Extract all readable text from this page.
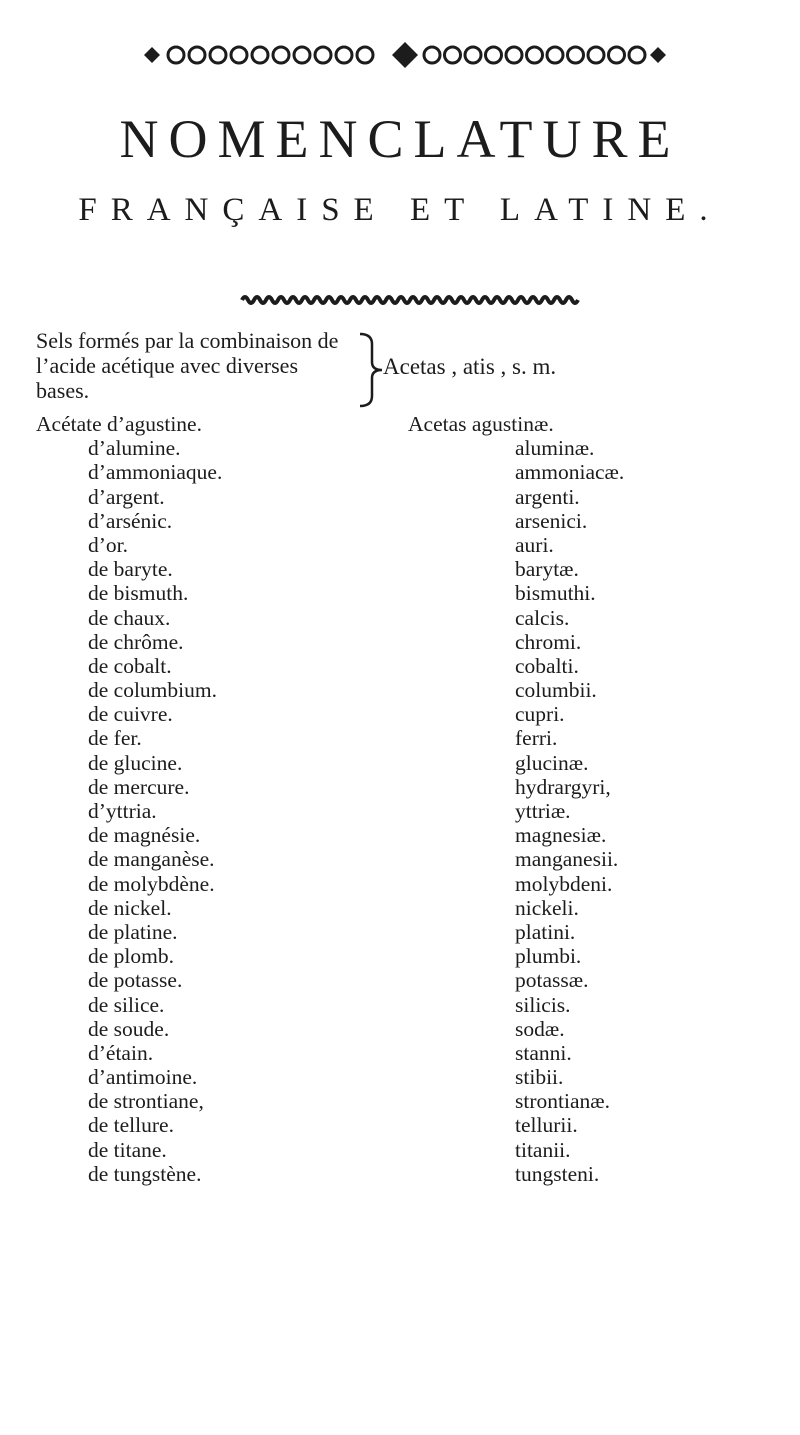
NOMENCLATURE
FRANÇAISE ET LATINE.
Sels formés par la combinaison de
l’acide acétique avec diverses
bases.
Acetas , atis , s. m.
Acétate d’agustine.
d’alumine.
d’ammoniaque.
d’argent.
d’arsénic.
d’or.
de baryte.
de bismuth.
de chaux.
de chrôme.
de cobalt.
de columbium.
de cuivre.
de fer.
de glucine.
de mercure.
d’yttria.
de magnésie.
de manganèse.
de molybdène.
de nickel.
de platine.
de plomb.
de potasse.
de silice.
de soude.
d’étain.
d’antimoine.
de strontiane,
de tellure.
de titane.
de tungstène.
Acetas agustinæ.
aluminæ.
ammoniacæ.
argenti.
arsenici.
auri.
barytæ.
bismuthi.
calcis.
chromi.
cobalti.
columbii.
cupri.
ferri.
glucinæ.
hydrargyri,
yttriæ.
magnesiæ.
manganesii.
molybdeni.
nickeli.
platini.
plumbi.
potassæ.
silicis.
sodæ.
stanni.
stibii.
strontianæ.
tellurii.
titanii.
tungsteni.
